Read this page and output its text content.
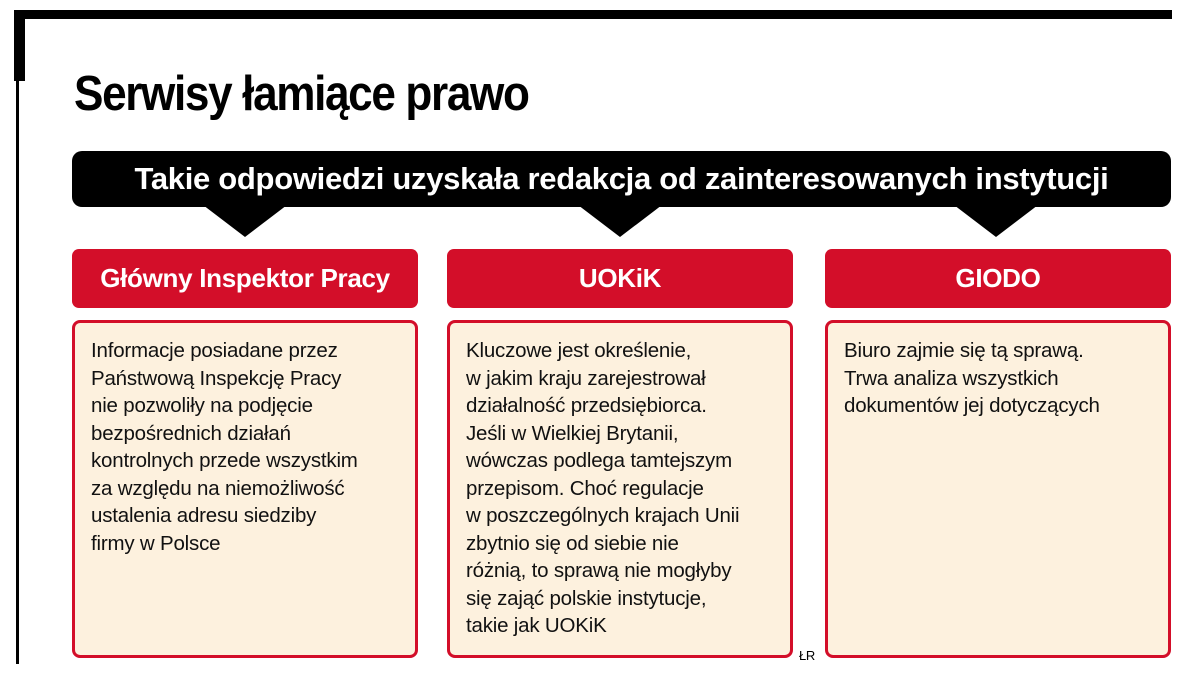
Serwisy łamiące prawo
Takie odpowiedzi uzyskała redakcja od zainteresowanych instytucji
Główny Inspektor Pracy	UOKiK	GIODO
Informacje posiadane przez
Państwową Inspekcję Pracy
nie pozwoliły na podjęcie
bezpośrednich działań
kontrolnych przede wszystkim
za względu na niemożliwość
ustalenia adresu siedziby
firmy w Polsce
Kluczowe jest określenie,
w jakim kraju zarejestrował
działalność przedsiębiorca.
Jeśli w Wielkiej Brytanii,
wówczas podlega tamtejszym
przepisom. Choć regulacje
w poszczególnych krajach Unii
zbytnio się od siebie nie
różnią, to sprawą nie mogłyby
się zająć polskie instytucje,
takie jak UOKiK
Biuro zajmie się tą sprawą.
Trwa analiza wszystkich
dokumentów jej dotyczących
ŁR
